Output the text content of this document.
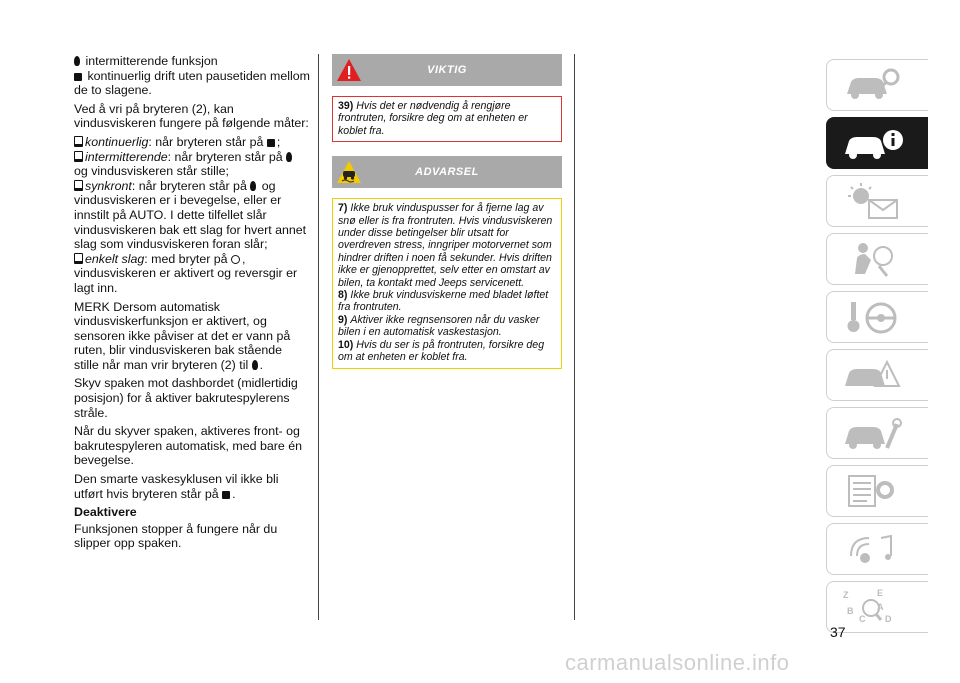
intermitterende funksjon
kontinuerlig drift uten pausetiden mellom de to slagene.

Ved å vri på bryteren (2), kan vindusviskeren fungere på følgende måter:

kontinuerlig: når bryteren står på ;
intermitterende: når bryteren står på  og vindusviskeren står stille;
synkront: når bryteren står på og vindusviskeren er i bevegelse, eller er innstilt på AUTO. I dette tilfellet slår vindusviskeren bak ett slag for hvert annet slag som vindusviskeren foran slår;
enkelt slag: med bryter på , vindusviskeren er aktivert og reversgir er lagt inn.

MERK Dersom automatisk vindusviskerfunksjon er aktivert, og sensoren ikke påviser at det er vann på ruten, blir vindusviskeren bak stående stille når man vrir bryteren (2) til .

Skyv spaken mot dashbordet (midlertidig posisjon) for å aktiver bakrutespylerens stråle.

Når du skyver spaken, aktiveres front- og bakrutespyleren automatisk, med bare én bevegelse.

Den smarte vaskesyklusen vil ikke bli utført hvis bryteren står på .

Deaktivere

Funksjonen stopper å fungere når du slipper opp spaken.

VIKTIG

39) Hvis det er nødvendig å rengjøre frontruten, forsikre deg om at enheten er koblet fra.

ADVARSEL

7) Ikke bruk vinduspusser for å fjerne lag av snø eller is fra frontruten. Hvis vindusviskeren under disse betingelser blir utsatt for overdreven stress, inngriper motorvernet som hindrer driften i noen få sekunder. Hvis driften ikke er gjenopprettet, selv etter en omstart av bilen, ta kontakt med Jeeps servicenett.

8) Ikke bruk vindusviskerne med bladet løftet fra frontruten.

9) Aktiver ikke regnsensoren når du vasker bilen i en automatisk vaskestasjon.

10) Hvis du ser is på frontruten, forsikre deg om at enheten er koblet fra.

Z	E
B	A
C D
37
carmanualsonline.info
